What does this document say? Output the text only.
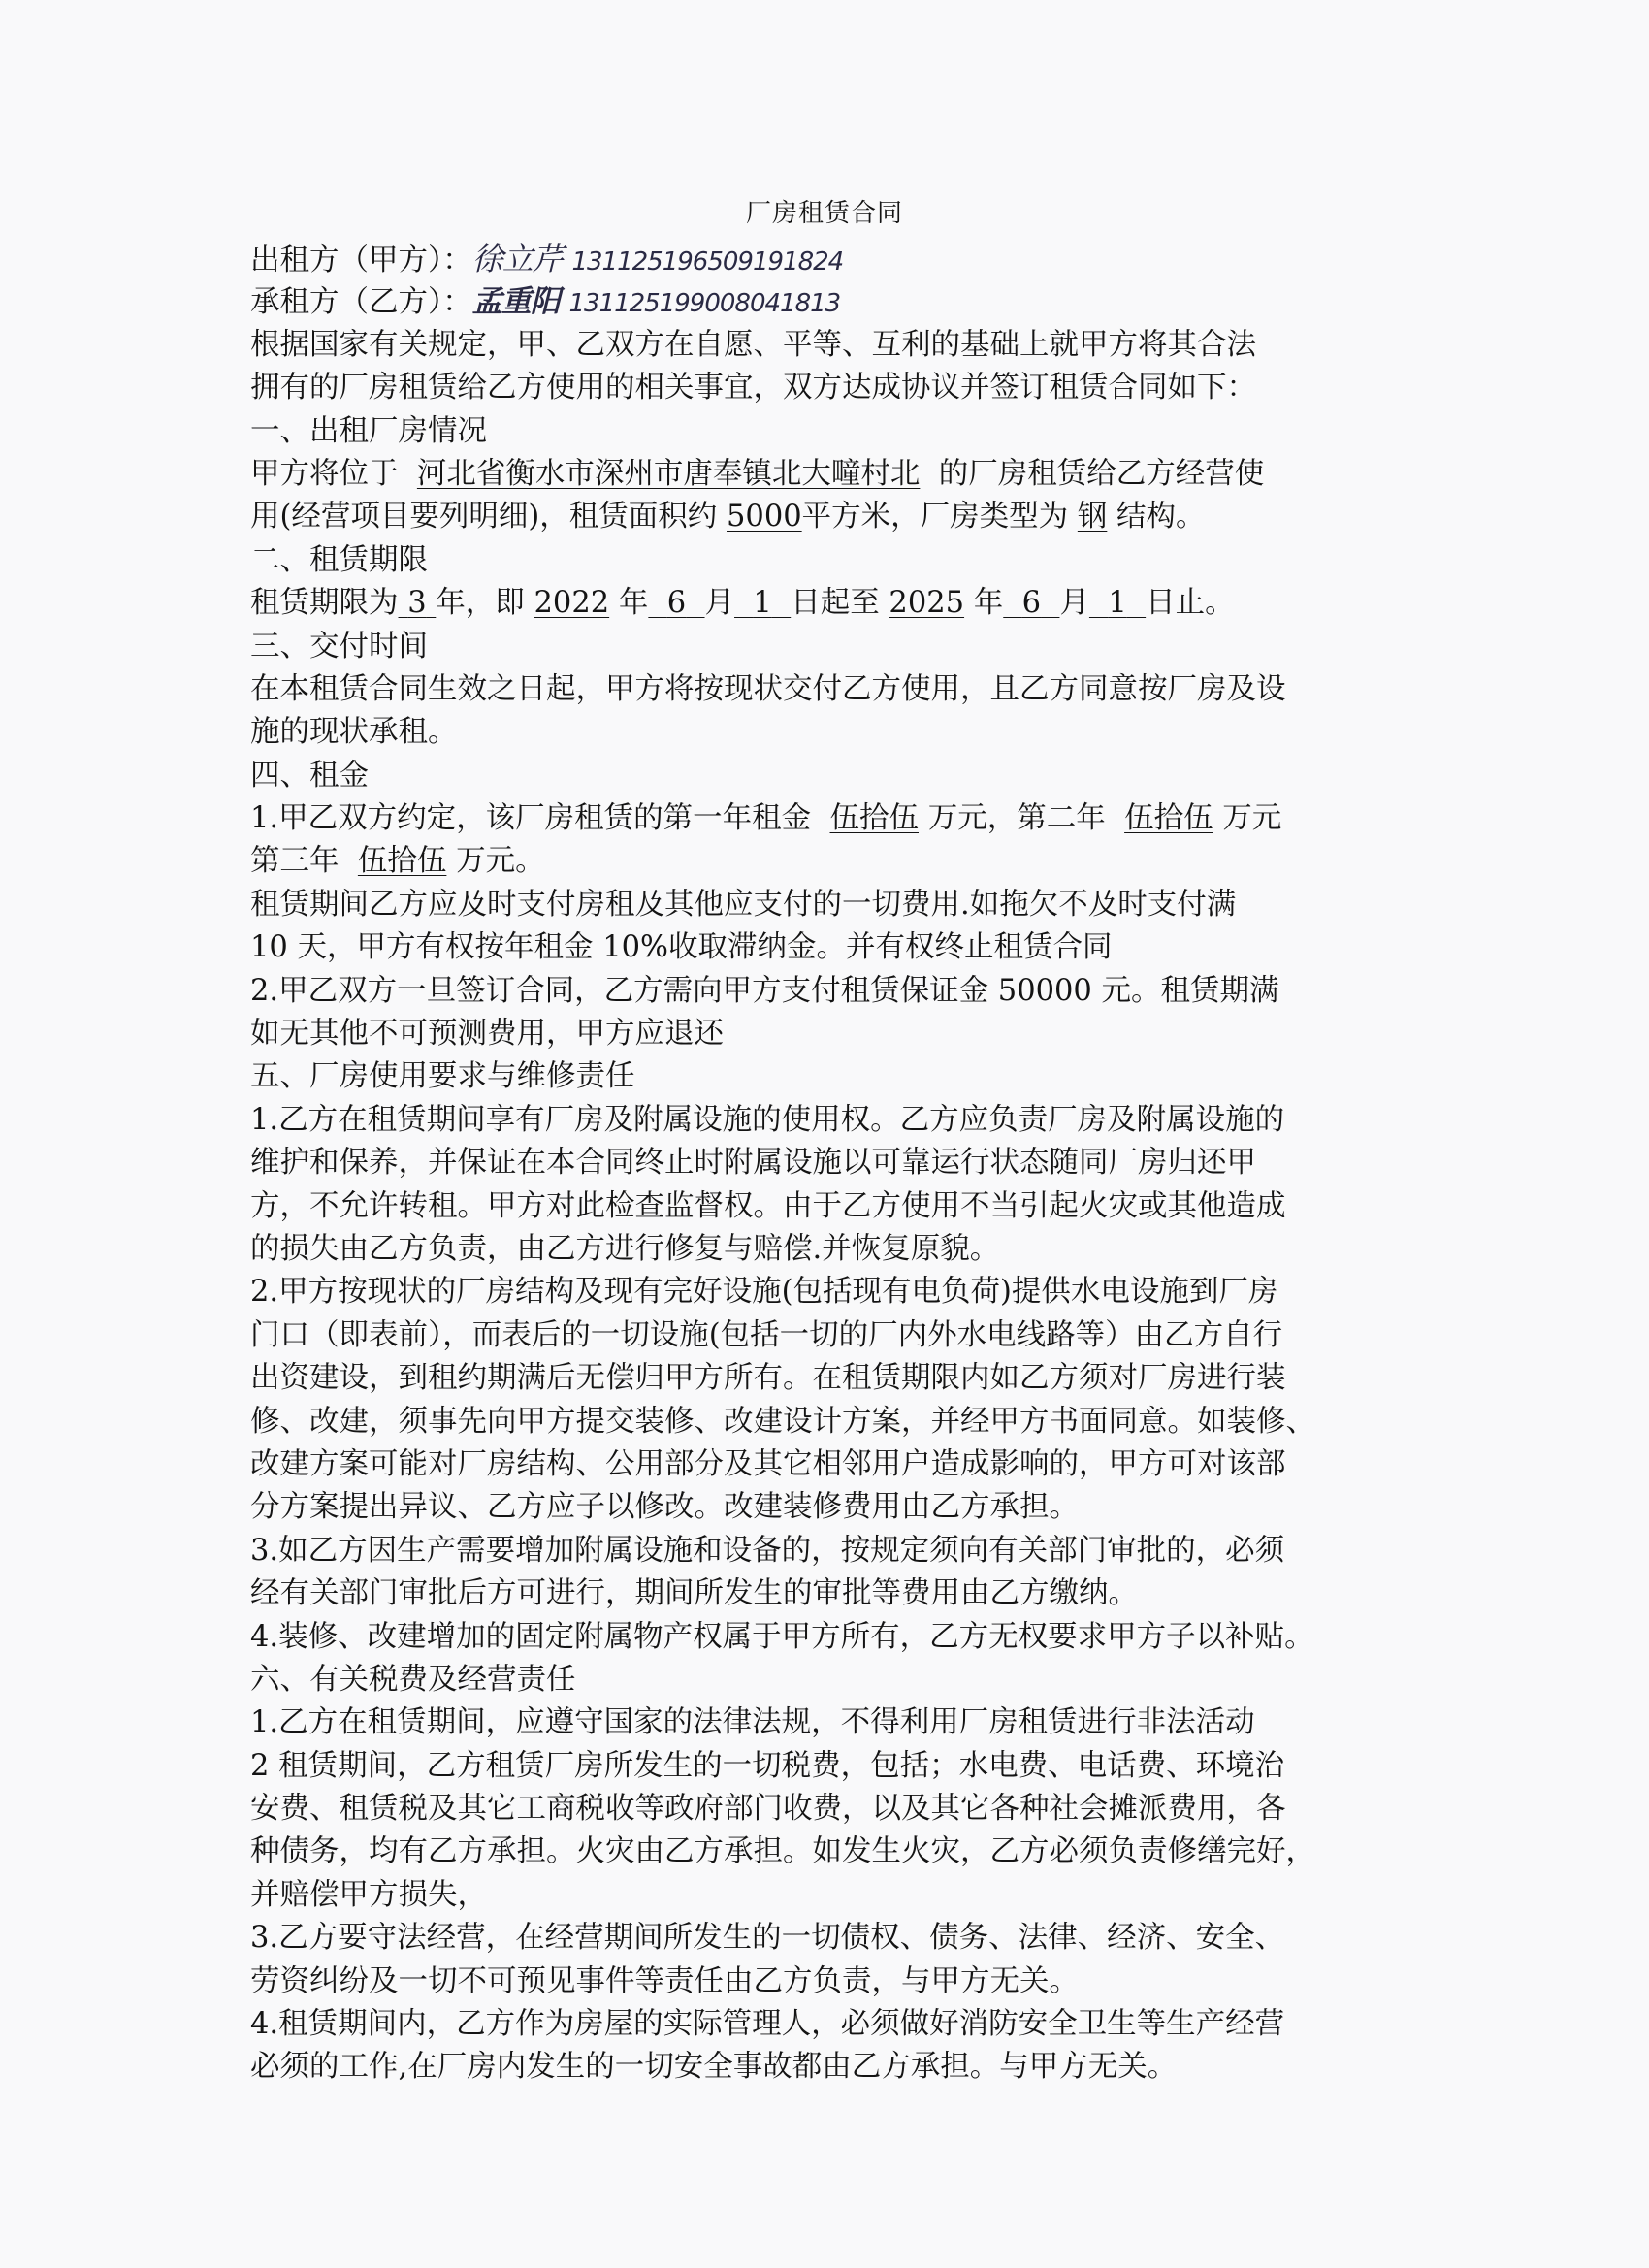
厂房租赁合同
出租方（甲方）：徐立芹 131125196509191824
承租方（乙方）：孟重阳 131125199008041813
根据国家有关规定，甲、乙双方在自愿、平等、互利的基础上就甲方将其合法
拥有的厂房租赁给乙方使用的相关事宜，双方达成协议并签订租赁合同如下：
一、出租厂房情况
甲方将位于 河北省衡水市深州市唐奉镇北大疃村北 的厂房租赁给乙方经营使
用(经营项目要列明细)，租赁面积约 5000平方米，厂房类型为 钢 结构。
二、租赁期限
租赁期限为 3 年，即 2022 年 6 月 1 日起至 2025 年 6 月 1 日止。
三、交付时间
在本租赁合同生效之日起，甲方将按现状交付乙方使用，且乙方同意按厂房及设
施的现状承租。
四、租金
1.甲乙双方约定，该厂房租赁的第一年租金 伍拾伍 万元，第二年 伍拾伍 万元
第三年 伍拾伍 万元。
租赁期间乙方应及时支付房租及其他应支付的一切费用.如拖欠不及时支付满
10 天，甲方有权按年租金 10%收取滞纳金。并有权终止租赁合同
2.甲乙双方一旦签订合同，乙方需向甲方支付租赁保证金 50000 元。租赁期满
如无其他不可预测费用，甲方应退还
五、厂房使用要求与维修责任
1.乙方在租赁期间享有厂房及附属设施的使用权。乙方应负责厂房及附属设施的
维护和保养，并保证在本合同终止时附属设施以可靠运行状态随同厂房归还甲
方，不允许转租。甲方对此检查监督权。由于乙方使用不当引起火灾或其他造成
的损失由乙方负责，由乙方进行修复与赔偿.并恢复原貌。
2.甲方按现状的厂房结构及现有完好设施(包括现有电负荷)提供水电设施到厂房
门口（即表前），而表后的一切设施(包括一切的厂内外水电线路等）由乙方自行
出资建设，到租约期满后无偿归甲方所有。在租赁期限内如乙方须对厂房进行装
修、改建，须事先向甲方提交装修、改建设计方案，并经甲方书面同意。如装修、
改建方案可能对厂房结构、公用部分及其它相邻用户造成影响的，甲方可对该部
分方案提出异议、乙方应子以修改。改建装修费用由乙方承担。
3.如乙方因生产需要增加附属设施和设备的，按规定须向有关部门审批的，必须
经有关部门审批后方可进行，期间所发生的审批等费用由乙方缴纳。
4.装修、改建增加的固定附属物产权属于甲方所有，乙方无权要求甲方子以补贴。
六、有关税费及经营责任
1.乙方在租赁期间，应遵守国家的法律法规，不得利用厂房租赁进行非法活动
2 租赁期间，乙方租赁厂房所发生的一切税费，包括；水电费、电话费、环境治
安费、租赁税及其它工商税收等政府部门收费，以及其它各种社会摊派费用，各
种债务，均有乙方承担。火灾由乙方承担。如发生火灾，乙方必须负责修缮完好，
并赔偿甲方损失，
3.乙方要守法经营，在经营期间所发生的一切债权、债务、法律、经济、安全、
劳资纠纷及一切不可预见事件等责任由乙方负责，与甲方无关。
4.租赁期间内，乙方作为房屋的实际管理人，必须做好消防安全卫生等生产经营
必须的工作,在厂房内发生的一切安全事故都由乙方承担。与甲方无关。
